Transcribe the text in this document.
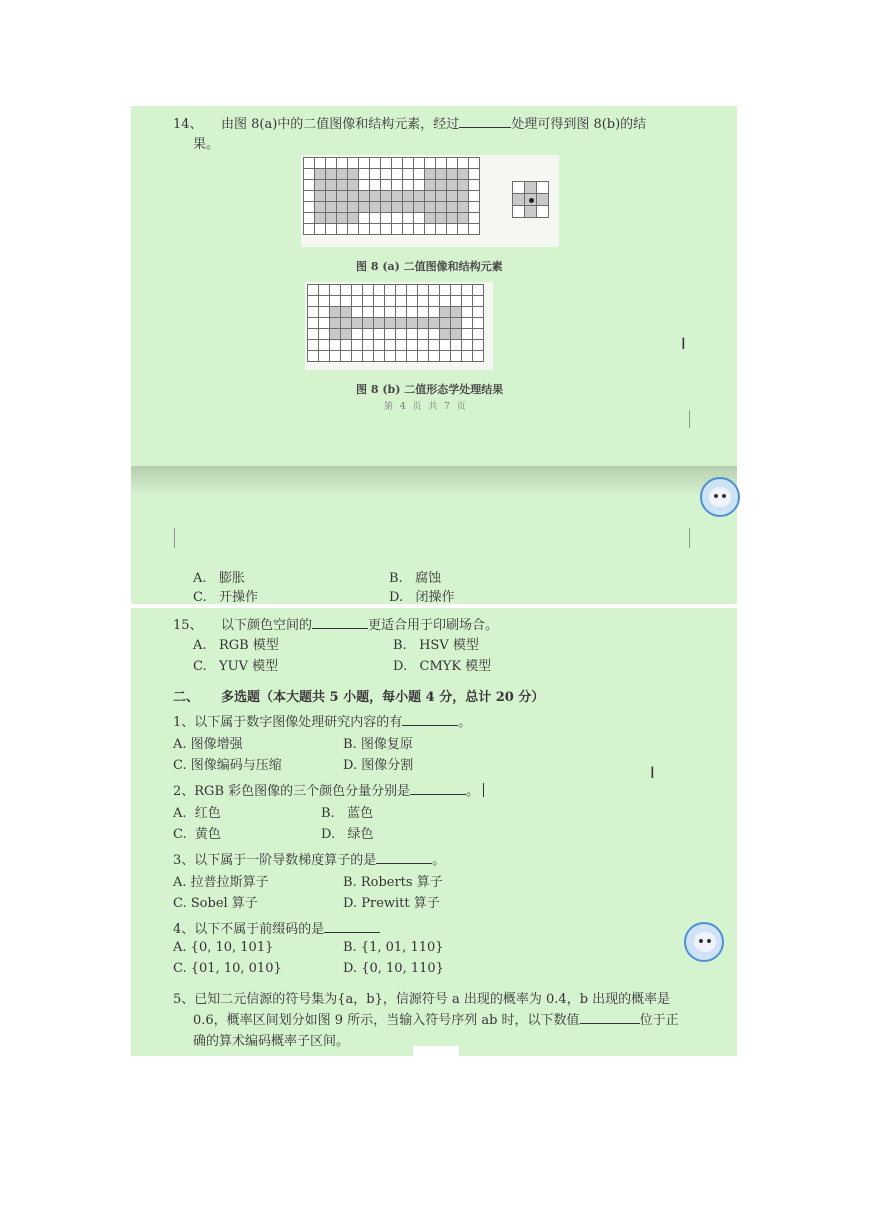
14、 由图 8(a)中的二值图像和结构元素，经过	处理可得到图 8(b)的结
果。
图 8 (a) 二值图像和结构元素
图 8 (b) 二值形态学处理结果
第 4 页 共 7 页
A. 膨胀	B. 腐蚀
C. 开操作	D. 闭操作
15、 以下颜色空间的	更适合用于印刷场合。
A. RGB 模型	B. HSV 模型
C. YUV 模型	D. CMYK 模型
二、 多选题（本大题共 5 小题，每小题 4 分，总计 20 分）
1、以下属于数字图像处理研究内容的有	。
A. 图像增强	B. 图像复原
C. 图像编码与压缩	D. 图像分割
2、RGB 彩色图像的三个颜色分量分别是	。
A. 红色	B. 蓝色
C. 黄色	D. 绿色
3、以下属于一阶导数梯度算子的是	。
A. 拉普拉斯算子	B. Roberts 算子
C. Sobel 算子	D. Prewitt 算子
4、以下不属于前缀码的是
A. {0, 10, 101}	B. {1, 01, 110}
C. {01, 10, 010}	D. {0, 10, 110}
5、已知二元信源的符号集为{a，b}，信源符号 a 出现的概率为 0.4，b 出现的概率是
0.6，概率区间划分如图 9 所示，当输入符号序列 ab 时，以下数值	位于正
确的算术编码概率子区间。
I
I
